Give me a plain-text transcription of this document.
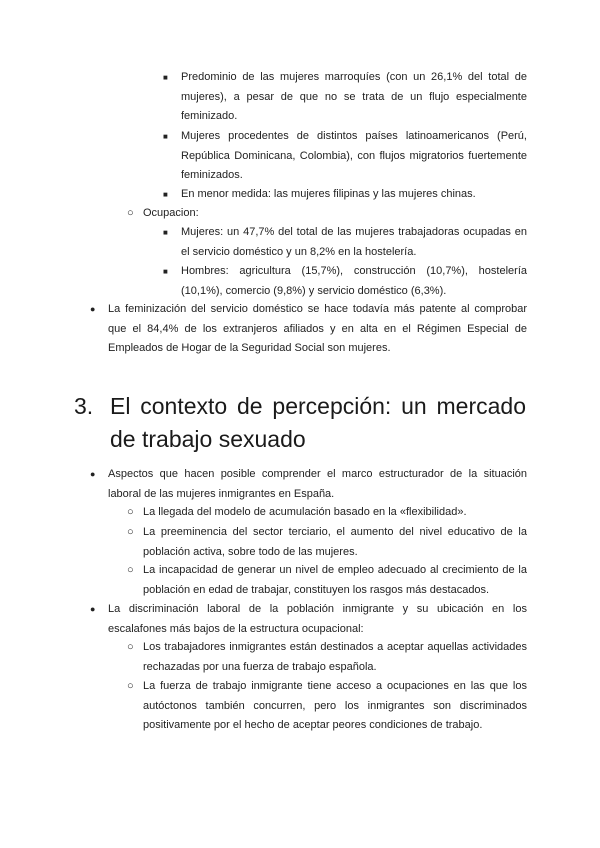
■ Predominio de las mujeres marroquíes (con un 26,1% del total de mujeres), a pesar de que no se trata de un flujo especialmente feminizado.
■ Mujeres procedentes de distintos países latinoamericanos (Perú, República Dominicana, Colombia), con flujos migratorios fuertemente feminizados.
■ En menor medida: las mujeres filipinas y las mujeres chinas.
○ Ocupacion:
■ Mujeres: un 47,7% del total de las mujeres trabajadoras ocupadas en el servicio doméstico y un 8,2% en la hostelería.
■ Hombres: agricultura (15,7%), construcción (10,7%), hostelería (10,1%), comercio (9,8%) y servicio doméstico (6,3%).
● La feminización del servicio doméstico se hace todavía más patente al comprobar que el 84,4% de los extranjeros afiliados y en alta en el Régimen Especial de Empleados de Hogar de la Seguridad Social son mujeres.
3. El contexto de percepción: un mercado de trabajo sexuado
● Aspectos que hacen posible comprender el marco estructurador de la situación laboral de las mujeres inmigrantes en España.
○ La llegada del modelo de acumulación basado en la «flexibilidad».
○ La preeminencia del sector terciario, el aumento del nivel educativo de la población activa, sobre todo de las mujeres.
○ La incapacidad de generar un nivel de empleo adecuado al crecimiento de la población en edad de trabajar, constituyen los rasgos más destacados.
● La discriminación laboral de la población inmigrante y su ubicación en los escalafones más bajos de la estructura ocupacional:
○ Los trabajadores inmigrantes están destinados a aceptar aquellas actividades rechazadas por una fuerza de trabajo española.
○ La fuerza de trabajo inmigrante tiene acceso a ocupaciones en las que los autóctonos también concurren, pero los inmigrantes son discriminados positivamente por el hecho de aceptar peores condiciones de trabajo.
